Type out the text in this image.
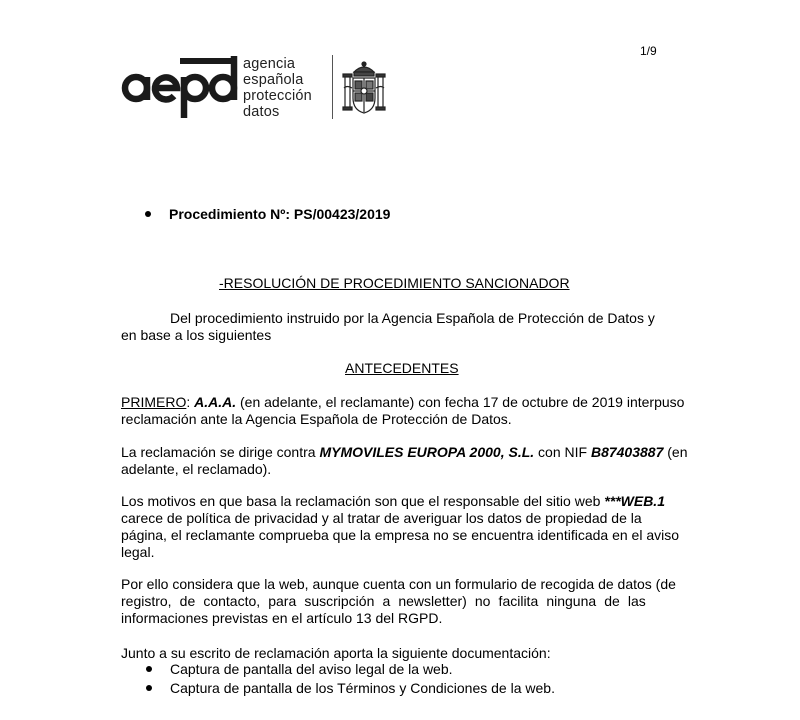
1/9
agencia
española
protección
datos
Procedimiento Nº: PS/00423/2019
-RESOLUCIÓN DE PROCEDIMIENTO SANCIONADOR
Del procedimiento instruido por la Agencia Española de Protección de Datos y
en base a los siguientes
ANTECEDENTES
PRIMERO: A.A.A. (en adelante, el reclamante) con fecha 17 de octubre de 2019 interpuso
reclamación ante la Agencia Española de Protección de Datos.
La reclamación se dirige contra MYMOVILES EUROPA 2000, S.L. con NIF B87403887 (en
adelante, el reclamado).
Los motivos en que basa la reclamación son que el responsable del sitio web ***WEB.1
carece de política de privacidad y al tratar de averiguar los datos de propiedad de la
página, el reclamante comprueba que la empresa no se encuentra identificada en el aviso
legal.
Por ello considera que la web, aunque cuenta con un formulario de recogida de datos (de
registro, de contacto, para suscripción a newsletter) no facilita ninguna de las
informaciones previstas en el artículo 13 del RGPD.
Junto a su escrito de reclamación aporta la siguiente documentación:
Captura de pantalla del aviso legal de la web.
Captura de pantalla de los Términos y Condiciones de la web.
